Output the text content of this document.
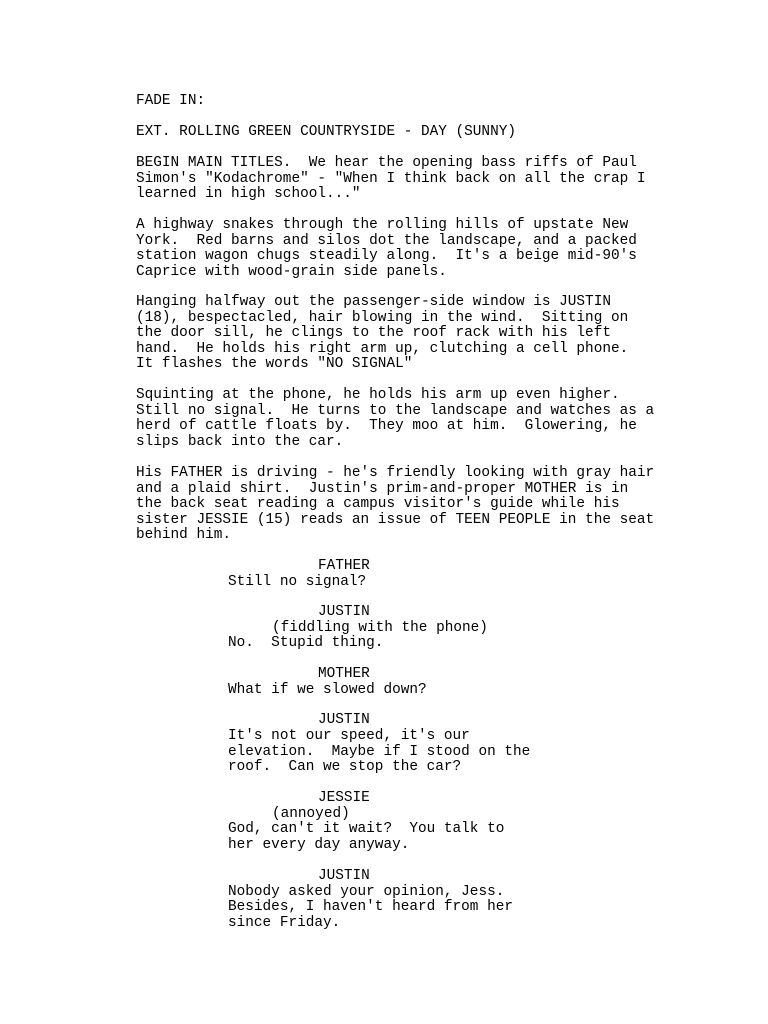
FADE IN:
EXT. ROLLING GREEN COUNTRYSIDE - DAY (SUNNY)
BEGIN MAIN TITLES.  We hear the opening bass riffs of Paul
Simon's "Kodachrome" - "When I think back on all the crap I
learned in high school..."
A highway snakes through the rolling hills of upstate New
York.  Red barns and silos dot the landscape, and a packed
station wagon chugs steadily along.  It's a beige mid-90's
Caprice with wood-grain side panels.
Hanging halfway out the passenger-side window is JUSTIN
(18), bespectacled, hair blowing in the wind.  Sitting on
the door sill, he clings to the roof rack with his left
hand.  He holds his right arm up, clutching a cell phone.
It flashes the words "NO SIGNAL"
Squinting at the phone, he holds his arm up even higher.
Still no signal.  He turns to the landscape and watches as a
herd of cattle floats by.  They moo at him.  Glowering, he
slips back into the car.
His FATHER is driving - he's friendly looking with gray hair
and a plaid shirt.  Justin's prim-and-proper MOTHER is in
the back seat reading a campus visitor's guide while his
sister JESSIE (15) reads an issue of TEEN PEOPLE in the seat
behind him.
FATHER
Still no signal?
JUSTIN
(fiddling with the phone)
No.  Stupid thing.
MOTHER
What if we slowed down?
JUSTIN
It's not our speed, it's our
elevation.  Maybe if I stood on the
roof.  Can we stop the car?
JESSIE
(annoyed)
God, can't it wait?  You talk to
her every day anyway.
JUSTIN
Nobody asked your opinion, Jess.
Besides, I haven't heard from her
since Friday.
